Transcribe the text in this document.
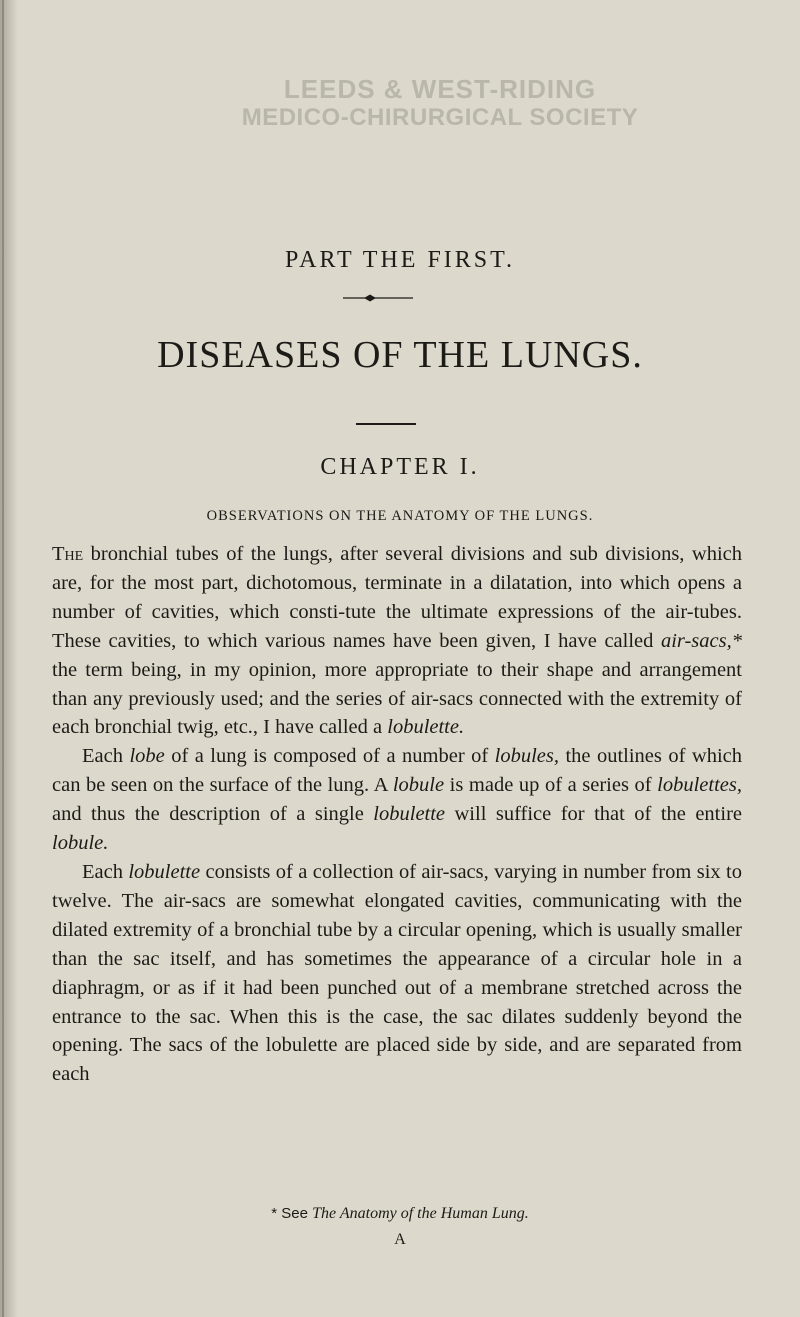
LEEDS & WEST-RIDING
MEDICO-CHIRURGICAL SOCIETY
PART THE FIRST.
DISEASES OF THE LUNGS.
CHAPTER I.
OBSERVATIONS ON THE ANATOMY OF THE LUNGS.

The bronchial tubes of the lungs, after several divisions and sub divisions, which are, for the most part, dichotomous, terminate in a dilatation, into which opens a number of cavities, which consti-tute the ultimate expressions of the air-tubes. These cavities, to which various names have been given, I have called air-sacs,* the term being, in my opinion, more appropriate to their shape and arrangement than any previously used; and the series of air-sacs connected with the extremity of each bronchial twig, etc., I have called a lobulette.

Each lobe of a lung is composed of a number of lobules, the outlines of which can be seen on the surface of the lung. A lobule is made up of a series of lobulettes, and thus the description of a single lobulette will suffice for that of the entire lobule.

Each lobulette consists of a collection of air-sacs, varying in number from six to twelve. The air-sacs are somewhat elongated cavities, communicating with the dilated extremity of a bronchial tube by a circular opening, which is usually smaller than the sac itself, and has sometimes the appearance of a circular hole in a diaphragm, or as if it had been punched out of a membrane stretched across the entrance to the sac. When this is the case, the sac dilates suddenly beyond the opening. The sacs of the lobulette are placed side by side, and are separated from each

* See The Anatomy of the Human Lung.
A
